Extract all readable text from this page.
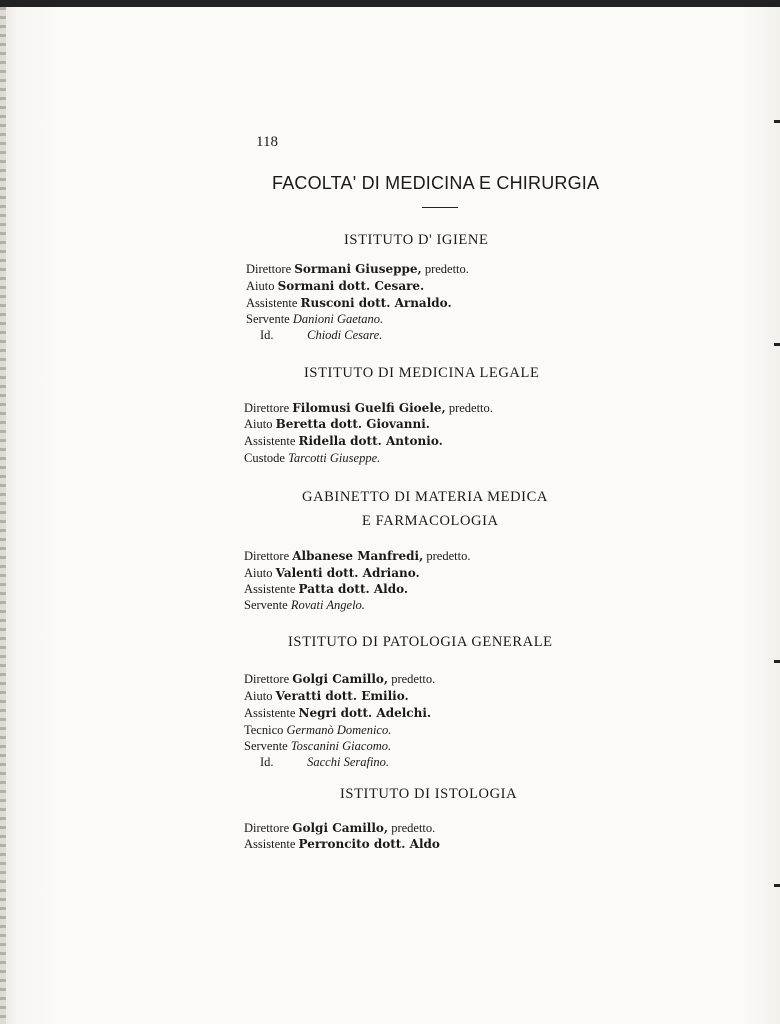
118
FACOLTA' DI MEDICINA E CHIRURGIA
ISTITUTO D' IGIENE
Direttore Sormani Giuseppe, predetto.
Aiuto Sormani dott. Cesare.
Assistente Rusconi dott. Arnaldo.
Servente Danioni Gaetano.
Id.	Chiodi Cesare.
ISTITUTO DI MEDICINA LEGALE
Direttore Filomusi Guelfi Gioele, predetto.
Aiuto Beretta dott. Giovanni.
Assistente Ridella dott. Antonio.
Custode Tarcotti Giuseppe.
GABINETTO DI MATERIA MEDICA
E FARMACOLOGIA
Direttore Albanese Manfredi, predetto.
Aiuto Valenti dott. Adriano.
Assistente Patta dott. Aldo.
Servente Rovati Angelo.
ISTITUTO DI PATOLOGIA GENERALE
Direttore Golgi Camillo, predetto.
Aiuto Veratti dott. Emilio.
Assistente Negri dott. Adelchi.
Tecnico Germanò Domenico.
Servente Toscanini Giacomo.
Id.	Sacchi Serafino.
ISTITUTO DI ISTOLOGIA
Direttore Golgi Camillo, predetto.
Assistente Perroncito dott. Aldo
